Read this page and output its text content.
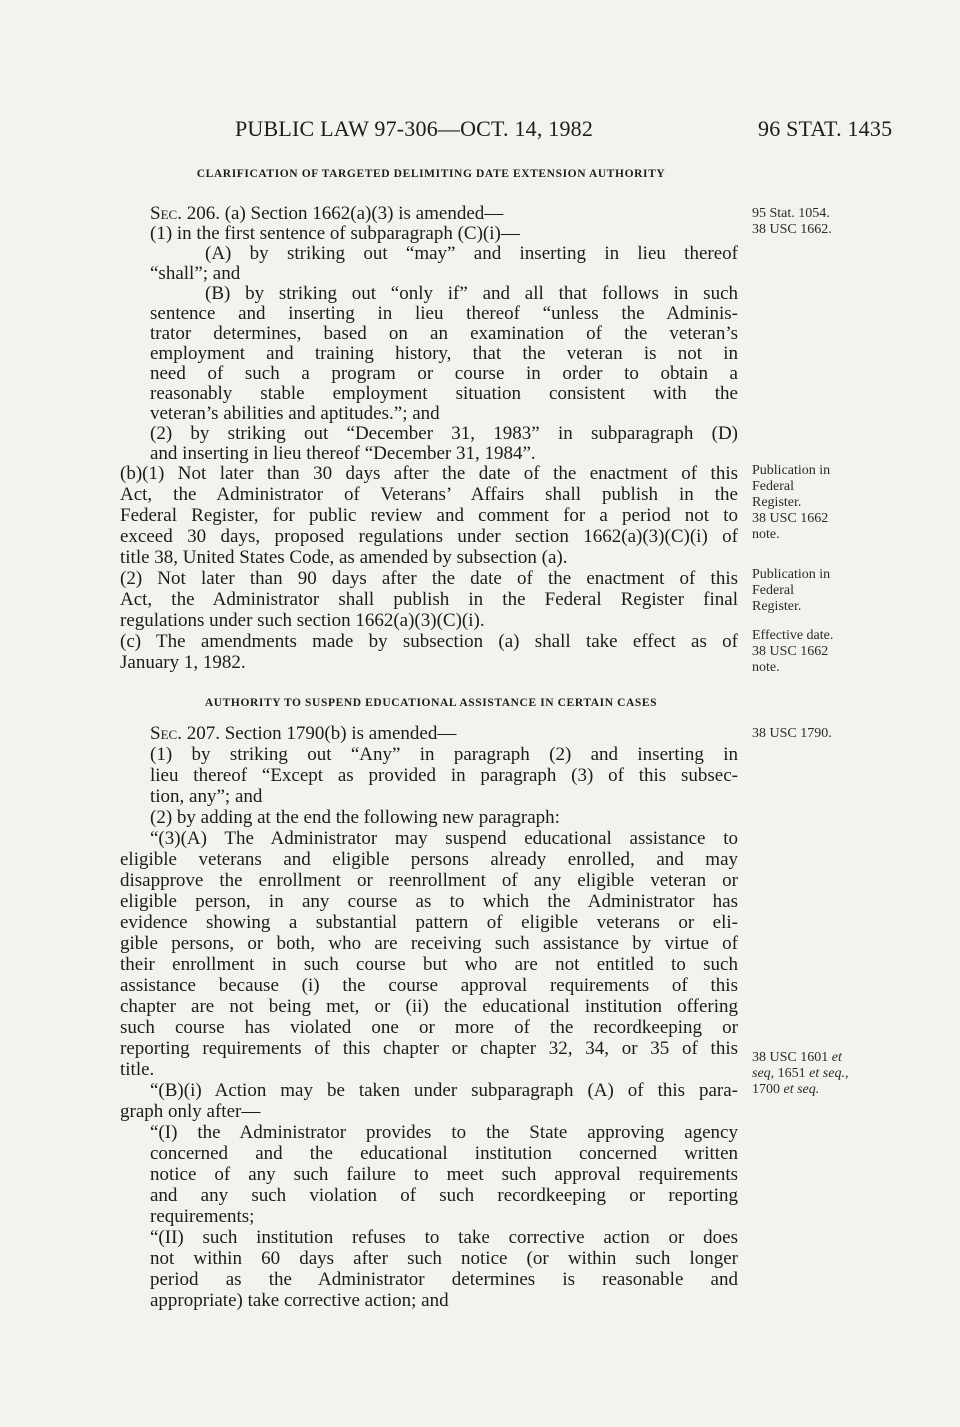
PUBLIC LAW 97-306—OCT. 14, 1982	96 STAT. 1435
CLARIFICATION OF TARGETED DELIMITING DATE EXTENSION AUTHORITY
Sec. 206. (a) Section 1662(a)(3) is amended—
(1) in the first sentence of subparagraph (C)(i)—
(A) by striking out “may” and inserting in lieu thereof
“shall”; and
(B) by striking out “only if” and all that follows in such
sentence and inserting in lieu thereof “unless the Adminis-
trator determines, based on an examination of the veteran’s
employment and training history, that the veteran is not in
need of such a program or course in order to obtain a
reasonably stable employment situation consistent with the
veteran’s abilities and aptitudes.”; and
(2) by striking out “December 31, 1983” in subparagraph (D)
and inserting in lieu thereof “December 31, 1984”.
(b)(1) Not later than 30 days after the date of the enactment of this
Act, the Administrator of Veterans’ Affairs shall publish in the
Federal Register, for public review and comment for a period not to
exceed 30 days, proposed regulations under section 1662(a)(3)(C)(i) of
title 38, United States Code, as amended by subsection (a).
(2) Not later than 90 days after the date of the enactment of this
Act, the Administrator shall publish in the Federal Register final
regulations under such section 1662(a)(3)(C)(i).
(c) The amendments made by subsection (a) shall take effect as of
January 1, 1982.
AUTHORITY TO SUSPEND EDUCATIONAL ASSISTANCE IN CERTAIN CASES
Sec. 207. Section 1790(b) is amended—
(1) by striking out “Any” in paragraph (2) and inserting in
lieu thereof “Except as provided in paragraph (3) of this subsec-
tion, any”; and
(2) by adding at the end the following new paragraph:
“(3)(A) The Administrator may suspend educational assistance to
eligible veterans and eligible persons already enrolled, and may
disapprove the enrollment or reenrollment of any eligible veteran or
eligible person, in any course as to which the Administrator has
evidence showing a substantial pattern of eligible veterans or eli-
gible persons, or both, who are receiving such assistance by virtue of
their enrollment in such course but who are not entitled to such
assistance because (i) the course approval requirements of this
chapter are not being met, or (ii) the educational institution offering
such course has violated one or more of the recordkeeping or
reporting requirements of this chapter or chapter 32, 34, or 35 of this
title.
“(B)(i) Action may be taken under subparagraph (A) of this para-
graph only after—
“(I) the Administrator provides to the State approving agency
concerned and the educational institution concerned written
notice of any such failure to meet such approval requirements
and any such violation of such recordkeeping or reporting
requirements;
“(II) such institution refuses to take corrective action or does
not within 60 days after such notice (or within such longer
period as the Administrator determines is reasonable and
appropriate) take corrective action; and
95 Stat. 1054.
38 USC 1662.
Publication in
Federal
Register.
38 USC 1662
note.
Publication in
Federal
Register.
Effective date.
38 USC 1662
note.
38 USC 1790.
38 USC 1601 et
seq, 1651 et seq.,
1700 et seq.
